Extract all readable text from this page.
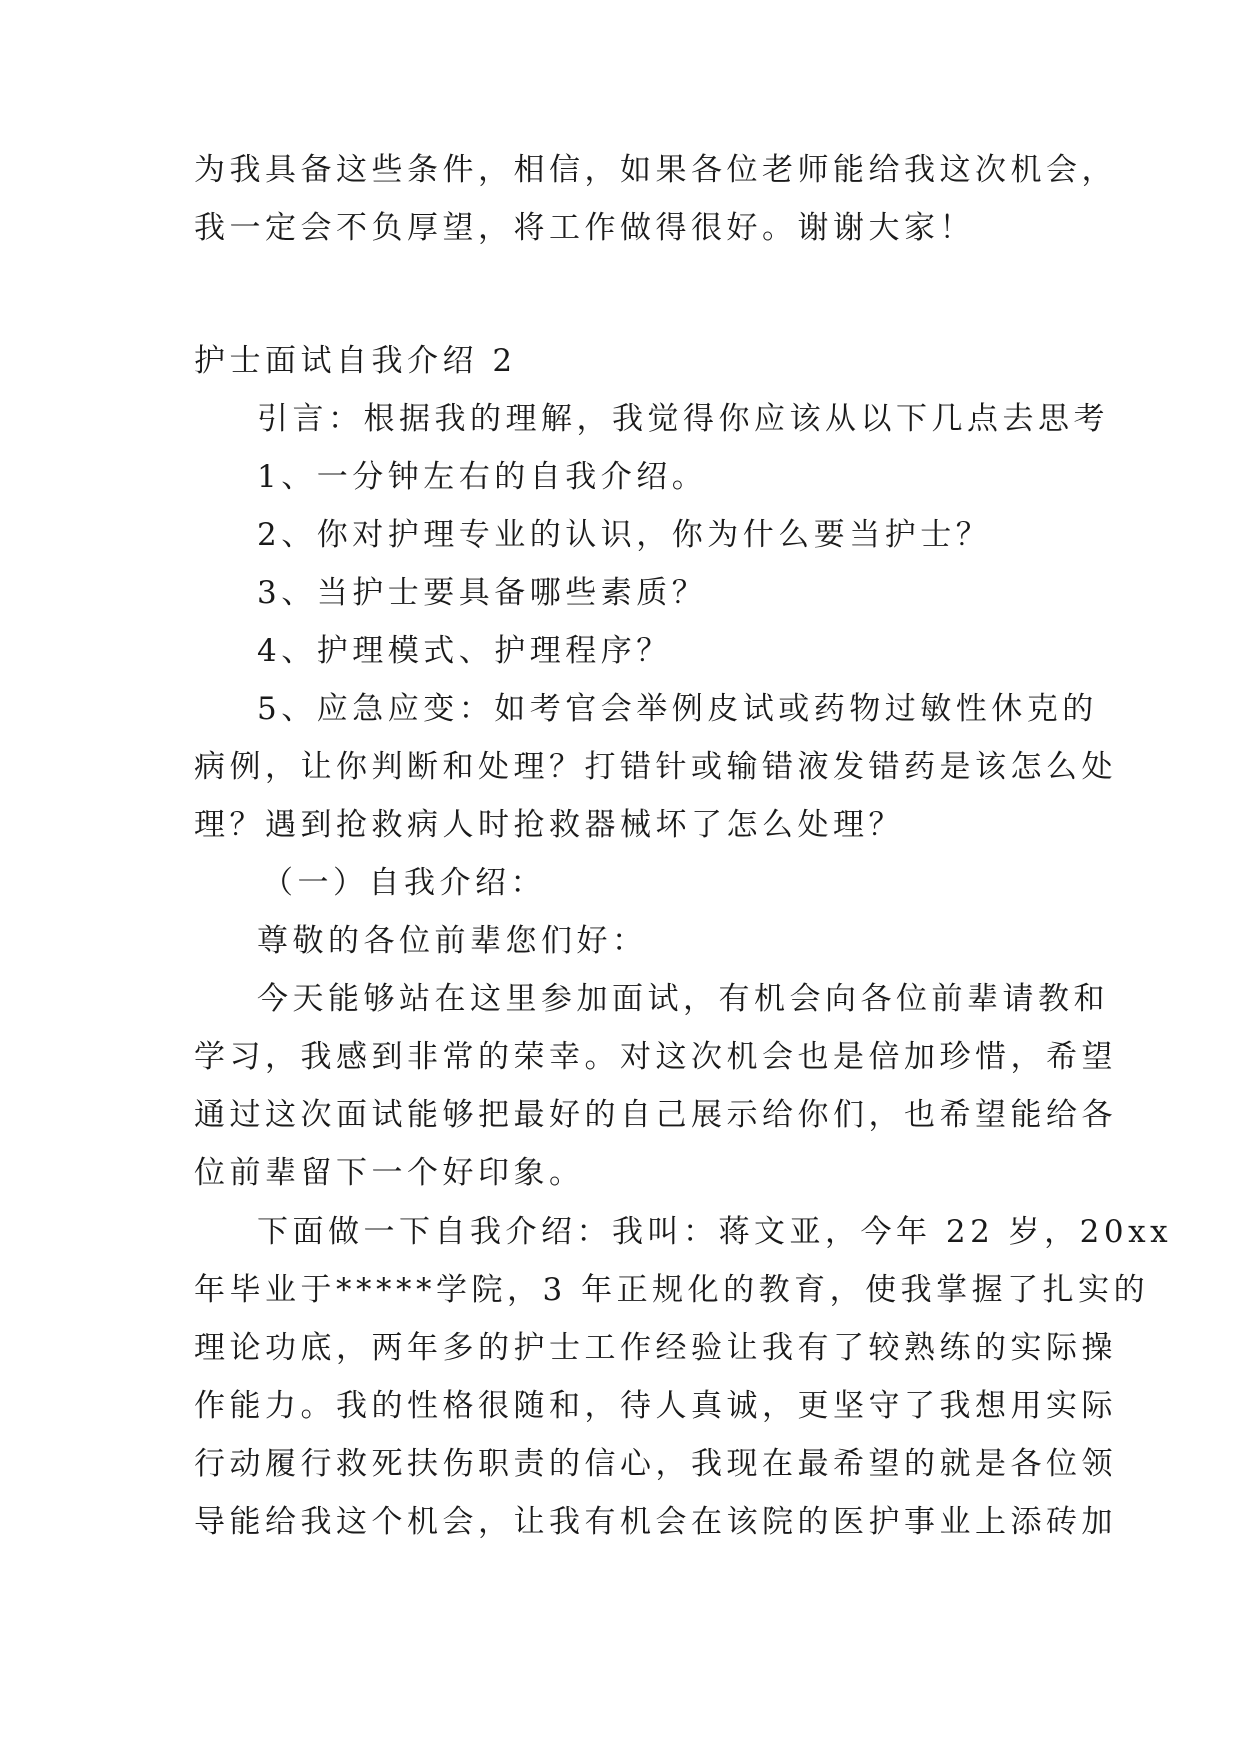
为我具备这些条件，相信，如果各位老师能给我这次机会，
我一定会不负厚望，将工作做得很好。谢谢大家！
护士面试自我介绍 2
引言：根据我的理解，我觉得你应该从以下几点去思考
1、一分钟左右的自我介绍。
2、你对护理专业的认识，你为什么要当护士？
3、当护士要具备哪些素质？
4、护理模式、护理程序？
5、应急应变：如考官会举例皮试或药物过敏性休克的
病例，让你判断和处理？打错针或输错液发错药是该怎么处
理？遇到抢救病人时抢救器械坏了怎么处理？
（一）自我介绍：
尊敬的各位前辈您们好：
今天能够站在这里参加面试，有机会向各位前辈请教和
学习，我感到非常的荣幸。对这次机会也是倍加珍惜，希望
通过这次面试能够把最好的自己展示给你们，也希望能给各
位前辈留下一个好印象。
下面做一下自我介绍：我叫：蒋文亚，今年 22 岁，20xx
年毕业于*****学院，3 年正规化的教育，使我掌握了扎实的
理论功底，两年多的护士工作经验让我有了较熟练的实际操
作能力。我的性格很随和，待人真诚，更坚守了我想用实际
行动履行救死扶伤职责的信心，我现在最希望的就是各位领
导能给我这个机会，让我有机会在该院的医护事业上添砖加
